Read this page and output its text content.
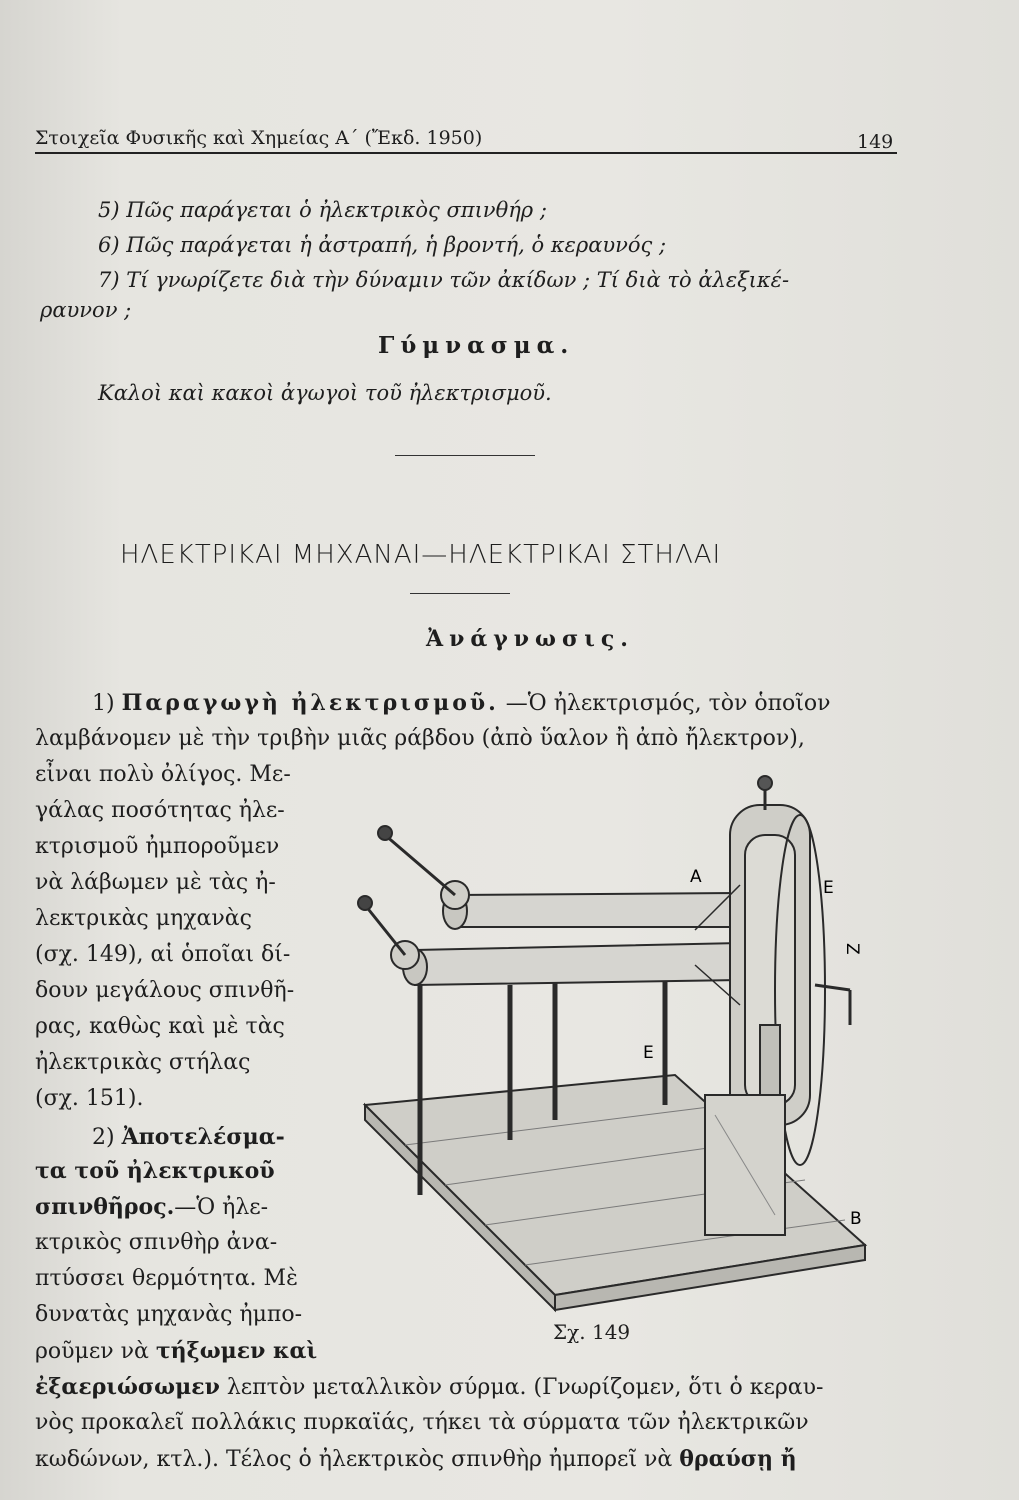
Στοιχεῖα Φυσικῆς καὶ Χημείας Α΄ (Ἔκδ. 1950)	149
5) Πῶς παράγεται ὁ ἠλεκτρικὸς σπινθήρ ;
6) Πῶς παράγεται ἡ ἀστραπή, ἡ βροντή, ὁ κεραυνός ;
7) Τί γνωρίζετε διὰ τὴν δύναμιν τῶν ἀκίδων ; Τί διὰ τὸ ἀλεξικέ-
ραυνον ;
Γύμνασμα.
Καλοὶ καὶ κακοὶ ἀγωγοὶ τοῦ ἠλεκτρισμοῦ.
ΗΛΕΚΤΡΙΚΑΙ ΜΗΧΑΝΑΙ—ΗΛΕΚΤΡΙΚΑΙ ΣΤΗΛΑΙ
Ἀνάγνωσις.
1) Παραγωγὴ ἠλεκτρισμοῦ. —Ὁ ἠλεκτρισμός, τὸν ὁποῖον
λαμβάνομεν μὲ τὴν τριβὴν μιᾶς ράβδου (ἀπὸ ὕαλον ἢ ἀπὸ ἤλεκτρον),
εἶναι πολὺ ὀλίγος. Με-
γάλας ποσότητας ἠλε-
κτρισμοῦ ἠμποροῦμεν
νὰ λάβωμεν μὲ τὰς ἠ-
λεκτρικὰς μηχανὰς
(σχ. 149), αἱ ὁποῖαι δί-
δουν μεγάλους σπινθῆ-
ρας, καθὼς καὶ μὲ τὰς
ἠλεκτρικὰς στήλας
(σχ. 151).
2) Ἀποτελέσμα-
τα τοῦ ἠλεκτρικοῦ
σπινθῆρος.—Ὁ ἠλε-
κτρικὸς σπινθὴρ ἀνα-
πτύσσει θερμότητα. Μὲ
δυνατὰς μηχανὰς ἠμπο-
ροῦμεν νὰ τήξωμεν καὶ
ἐξαεριώσωμεν λεπτὸν μεταλλικὸν σύρμα. (Γνωρίζομεν, ὅτι ὁ κεραυ-
νὸς προκαλεῖ πολλάκις πυρκαϊάς, τήκει τὰ σύρματα τῶν ἠλεκτρικῶν
κωδώνων, κτλ.). Τέλος ὁ ἠλεκτρικὸς σπινθὴρ ἠμπορεῖ νὰ θραύσῃ ἤ
A
E
Z
E
B
Σχ. 149
